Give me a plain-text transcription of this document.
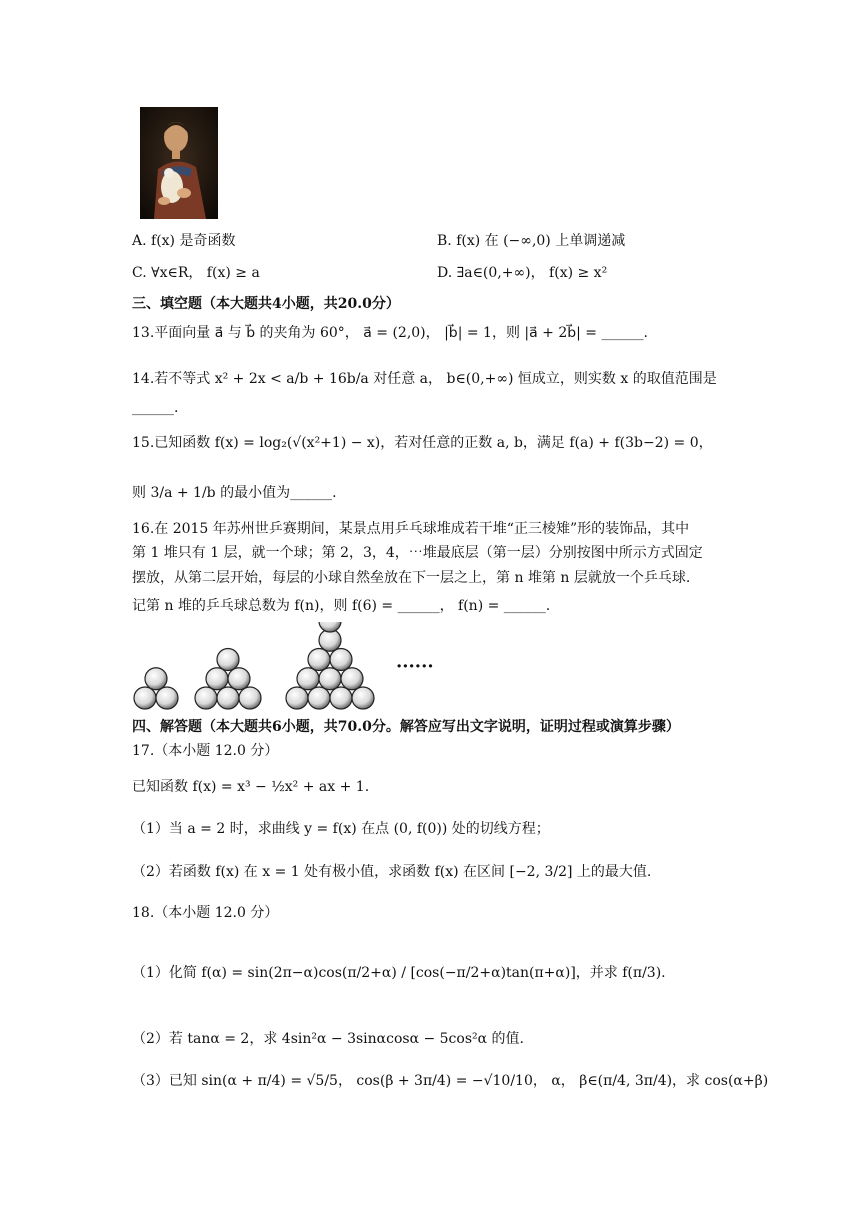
A. f(x) 是奇函数	B. f(x) 在 (−∞,0) 上单调递减
C. ∀x∈R， f(x) ≥ a	D. ∃a∈(0,+∞)， f(x) ≥ x²
三、填空题（本大题共4小题，共20.0分）
13.平面向量 a⃗ 与 b⃗ 的夹角为 60°， a⃗ = (2,0)， |b⃗| = 1，则 |a⃗ + 2b⃗| = ______.
14.若不等式 x² + 2x < a/b + 16b/a 对任意 a， b∈(0,+∞) 恒成立，则实数 x 的取值范围是
______.
15.已知函数 f(x) = log₂(√(x²+1) − x)，若对任意的正数 a, b，满足 f(a) + f(3b−2) = 0，
则 3/a + 1/b 的最小值为______.
16.在 2015 年苏州世乒赛期间，某景点用乒乓球堆成若干堆“正三棱雉”形的装饰品，其中
第 1 堆只有 1 层，就一个球；第 2，3，4，⋯堆最底层（第一层）分别按图中所示方式固定
摆放，从第二层开始，每层的小球自然垒放在下一层之上，第 n 堆第 n 层就放一个乒乓球.
记第 n 堆的乒乓球总数为 f(n)，则 f(6) = ______， f(n) = ______.
······
四、解答题（本大题共6小题，共70.0分。解答应写出文字说明，证明过程或演算步骤）
17.（本小题 12.0 分）
已知函数 f(x) = x³ − ½x² + ax + 1.
（1）当 a = 2 时，求曲线 y = f(x) 在点 (0, f(0)) 处的切线方程；
（2）若函数 f(x) 在 x = 1 处有极小值，求函数 f(x) 在区间 [−2, 3/2] 上的最大值.
18.（本小题 12.0 分）
（1）化简 f(α) = sin(2π−α)cos(π/2+α) / [cos(−π/2+α)tan(π+α)]，并求 f(π/3).
（2）若 tanα = 2，求 4sin²α − 3sinαcosα − 5cos²α 的值.
（3）已知 sin(α + π/4) = √5/5， cos(β + 3π/4) = −√10/10， α， β∈(π/4, 3π/4)，求 cos(α+β)
